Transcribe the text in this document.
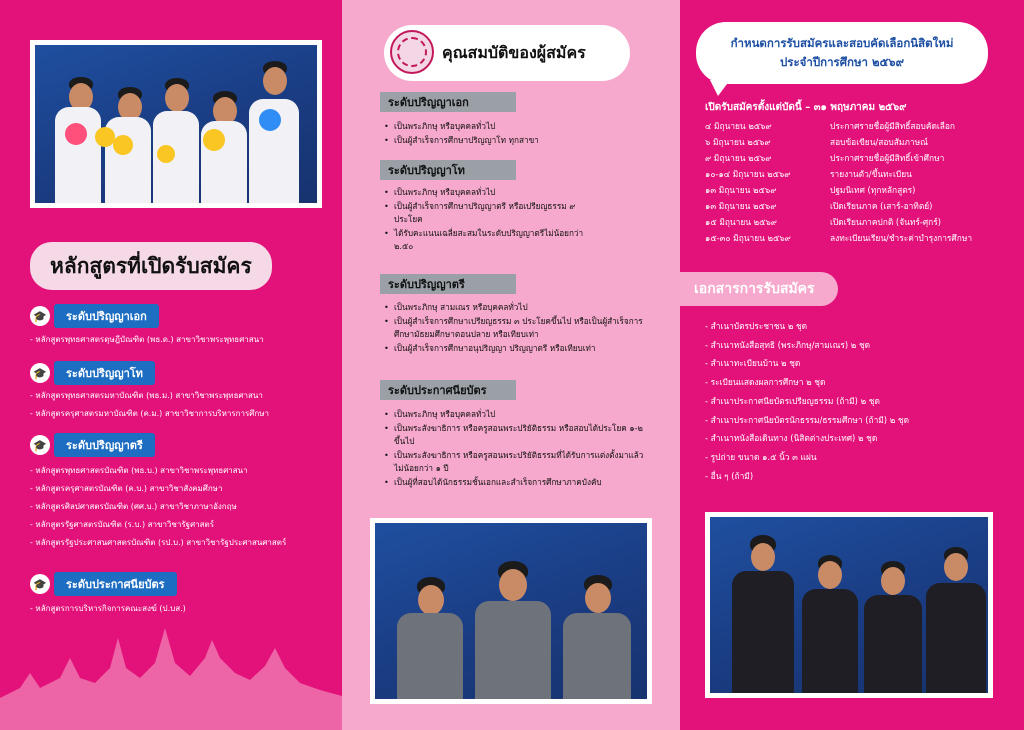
หลักสูตรที่เปิดรับสมัคร
🎓	ระดับปริญญาเอก
- หลักสูตรพุทธศาสตรดุษฎีบัณฑิต (พธ.ด.) สาขาวิชาพระพุทธศาสนา
🎓	ระดับปริญญาโท
- หลักสูตรพุทธศาสตรมหาบัณฑิต (พธ.ม.) สาขาวิชาพระพุทธศาสนา
- หลักสูตรครุศาสตรมหาบัณฑิต (ค.ม.) สาขาวิชาการบริหารการศึกษา
🎓	ระดับปริญญาตรี
- หลักสูตรพุทธศาสตรบัณฑิต (พธ.บ.) สาขาวิชาพระพุทธศาสนา
- หลักสูตรครุศาสตรบัณฑิต (ค.บ.) สาขาวิชาสังคมศึกษา
- หลักสูตรศิลปศาสตรบัณฑิต (ศศ.บ.) สาขาวิชาภาษาอังกฤษ
- หลักสูตรรัฐศาสตรบัณฑิต (ร.บ.) สาขาวิชารัฐศาสตร์
- หลักสูตรรัฐประศาสนศาสตรบัณฑิต (รป.บ.) สาขาวิชารัฐประศาสนศาสตร์
🎓	ระดับประกาศนียบัตร
- หลักสูตรการบริหารกิจการคณะสงฆ์ (ป.บส.)
คุณสมบัติของผู้สมัคร
ระดับปริญญาเอก
• เป็นพระภิกษุ หรือบุคคลทั่วไป
• เป็นผู้สำเร็จการศึกษาปริญญาโท ทุกสาขา
ระดับปริญญาโท
• เป็นพระภิกษุ หรือบุคคลทั่วไป
• เป็นผู้สำเร็จการศึกษาปริญญาตรี หรือเปรียญธรรม ๙ ประโยค
• ได้รับคะแนนเฉลี่ยสะสมในระดับปริญญาตรีไม่น้อยกว่า ๒.๕๐
ระดับปริญญาตรี
• เป็นพระภิกษุ สามเณร หรือบุคคลทั่วไป
• เป็นผู้สำเร็จการศึกษาเปรียญธรรม ๓ ประโยคขึ้นไป หรือเป็นผู้สำเร็จการศึกษามัธยมศึกษาตอนปลาย หรือเทียบเท่า
• เป็นผู้สำเร็จการศึกษาอนุปริญญา ปริญญาตรี หรือเทียบเท่า
ระดับประกาศนียบัตร
• เป็นพระภิกษุ หรือบุคคลทั่วไป
• เป็นพระสังฆาธิการ หรือครูสอนพระปริยัติธรรม หรือสอบได้ประโยค ๑-๒ ขึ้นไป
• เป็นพระสังฆาธิการ หรือครูสอนพระปริยัติธรรมที่ได้รับการแต่งตั้งมาแล้วไม่น้อยกว่า ๑ ปี
• เป็นผู้ที่สอบได้นักธรรมชั้นเอกและสำเร็จการศึกษาภาคบังคับ
กำหนดการรับสมัครและสอบคัดเลือกนิสิตใหม่
ประจำปีการศึกษา ๒๕๖๙
เปิดรับสมัครตั้งแต่บัดนี้ – ๓๑ พฤษภาคม ๒๕๖๙
๔ มิถุนายน ๒๕๖๙	ประกาศรายชื่อผู้มีสิทธิ์สอบคัดเลือก
๖ มิถุนายน ๒๕๖๙	สอบข้อเขียน/สอบสัมภาษณ์
๙ มิถุนายน ๒๕๖๙	ประกาศรายชื่อผู้มีสิทธิ์เข้าศึกษา
๑๐-๑๔ มิถุนายน ๒๕๖๙	รายงานตัว/ขึ้นทะเบียน
๑๓ มิถุนายน ๒๕๖๙	ปฐมนิเทศ (ทุกหลักสูตร)
๑๓ มิถุนายน ๒๕๖๙	เปิดเรียนภาค (เสาร์-อาทิตย์)
๑๕ มิถุนายน ๒๕๖๙	เปิดเรียนภาคปกติ (จันทร์-ศุกร์)
๑๕-๓๐ มิถุนายน ๒๕๖๙	ลงทะเบียนเรียน/ชำระค่าบำรุงการศึกษา
เอกสารการรับสมัคร
- สำเนาบัตรประชาชน ๒ ชุด
- สำเนาหนังสือสุทธิ (พระภิกษุ/สามเณร) ๒ ชุด
- สำเนาทะเบียนบ้าน ๒ ชุด
- ระเบียนแสดงผลการศึกษา ๒ ชุด
- สำเนาประกาศนียบัตรเปรียญธรรม (ถ้ามี) ๒ ชุด
- สำเนาประกาศนียบัตรนักธรรม/ธรรมศึกษา (ถ้ามี) ๒ ชุด
- สำเนาหนังสือเดินทาง (นิสิตต่างประเทศ) ๒ ชุด
- รูปถ่าย ขนาด ๑.๕ นิ้ว ๓ แผ่น
- อื่น ๆ (ถ้ามี)
